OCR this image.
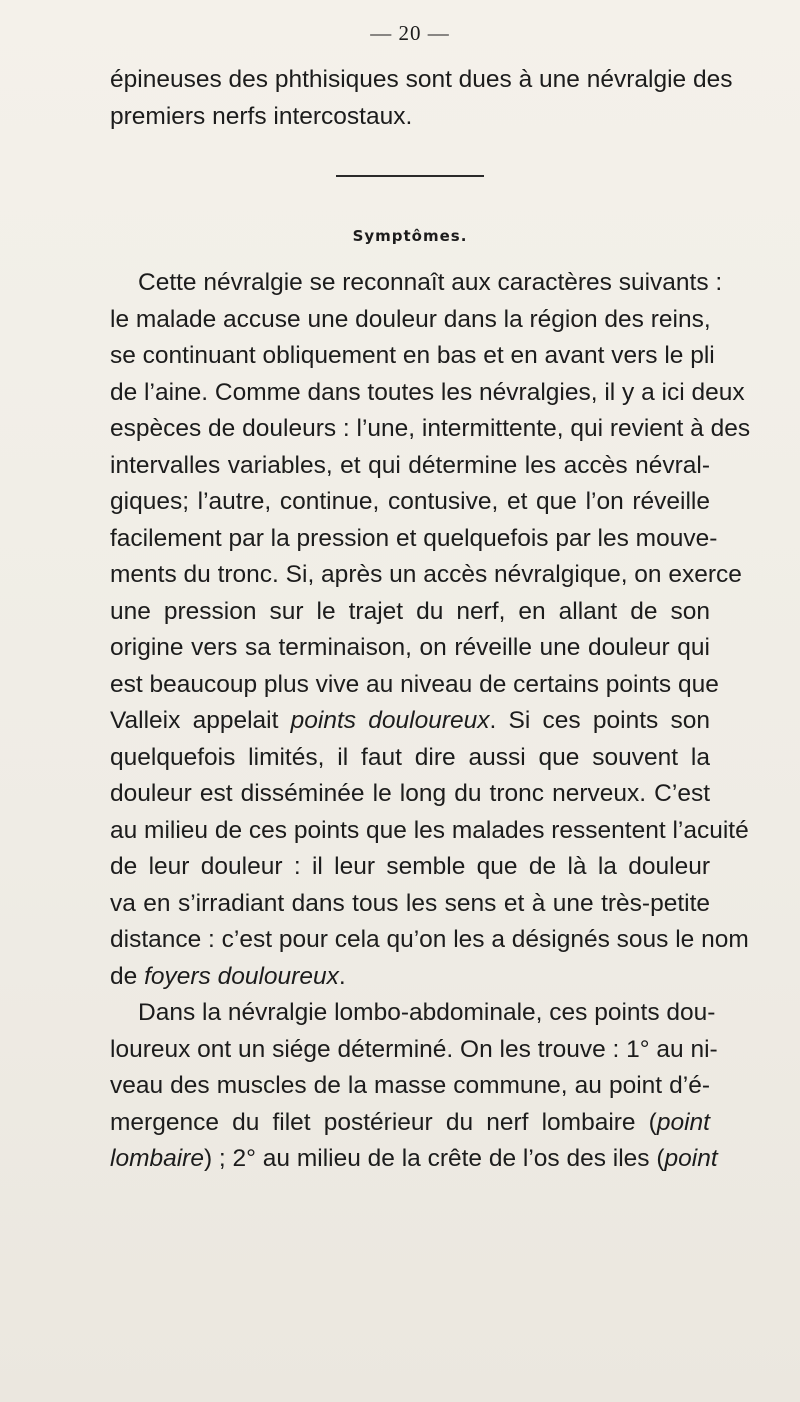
— 20 —
épineuses des phthisiques sont dues à une névralgie des
premiers nerfs intercostaux.
Symptômes.
Cette névralgie se reconnaît aux caractères suivants :
le malade accuse une douleur dans la région des reins,
se continuant obliquement en bas et en avant vers le pli
de l’aine. Comme dans toutes les névralgies, il y a ici deux
espèces de douleurs : l’une, intermittente, qui revient à des
intervalles variables, et qui détermine les accès névral-
giques; l’autre, continue, contusive, et que l’on réveille
facilement par la pression et quelquefois par les mouve-
ments du tronc. Si, après un accès névralgique, on exerce
une pression sur le trajet du nerf, en allant de son
origine vers sa terminaison, on réveille une douleur qui
est beaucoup plus vive au niveau de certains points que
Valleix appelait points douloureux. Si ces points son
quelquefois limités, il faut dire aussi que souvent la
douleur est disséminée le long du tronc nerveux. C’est
au milieu de ces points que les malades ressentent l’acuité
de leur douleur : il leur semble que de là la douleur
va en s’irradiant dans tous les sens et à une très-petite
distance : c’est pour cela qu’on les a désignés sous le nom
de foyers douloureux.
Dans la névralgie lombo-abdominale, ces points dou-
loureux ont un siége déterminé. On les trouve : 1° au ni-
veau des muscles de la masse commune, au point d’é-
mergence du filet postérieur du nerf lombaire (point
lombaire) ; 2° au milieu de la crête de l’os des iles (point
